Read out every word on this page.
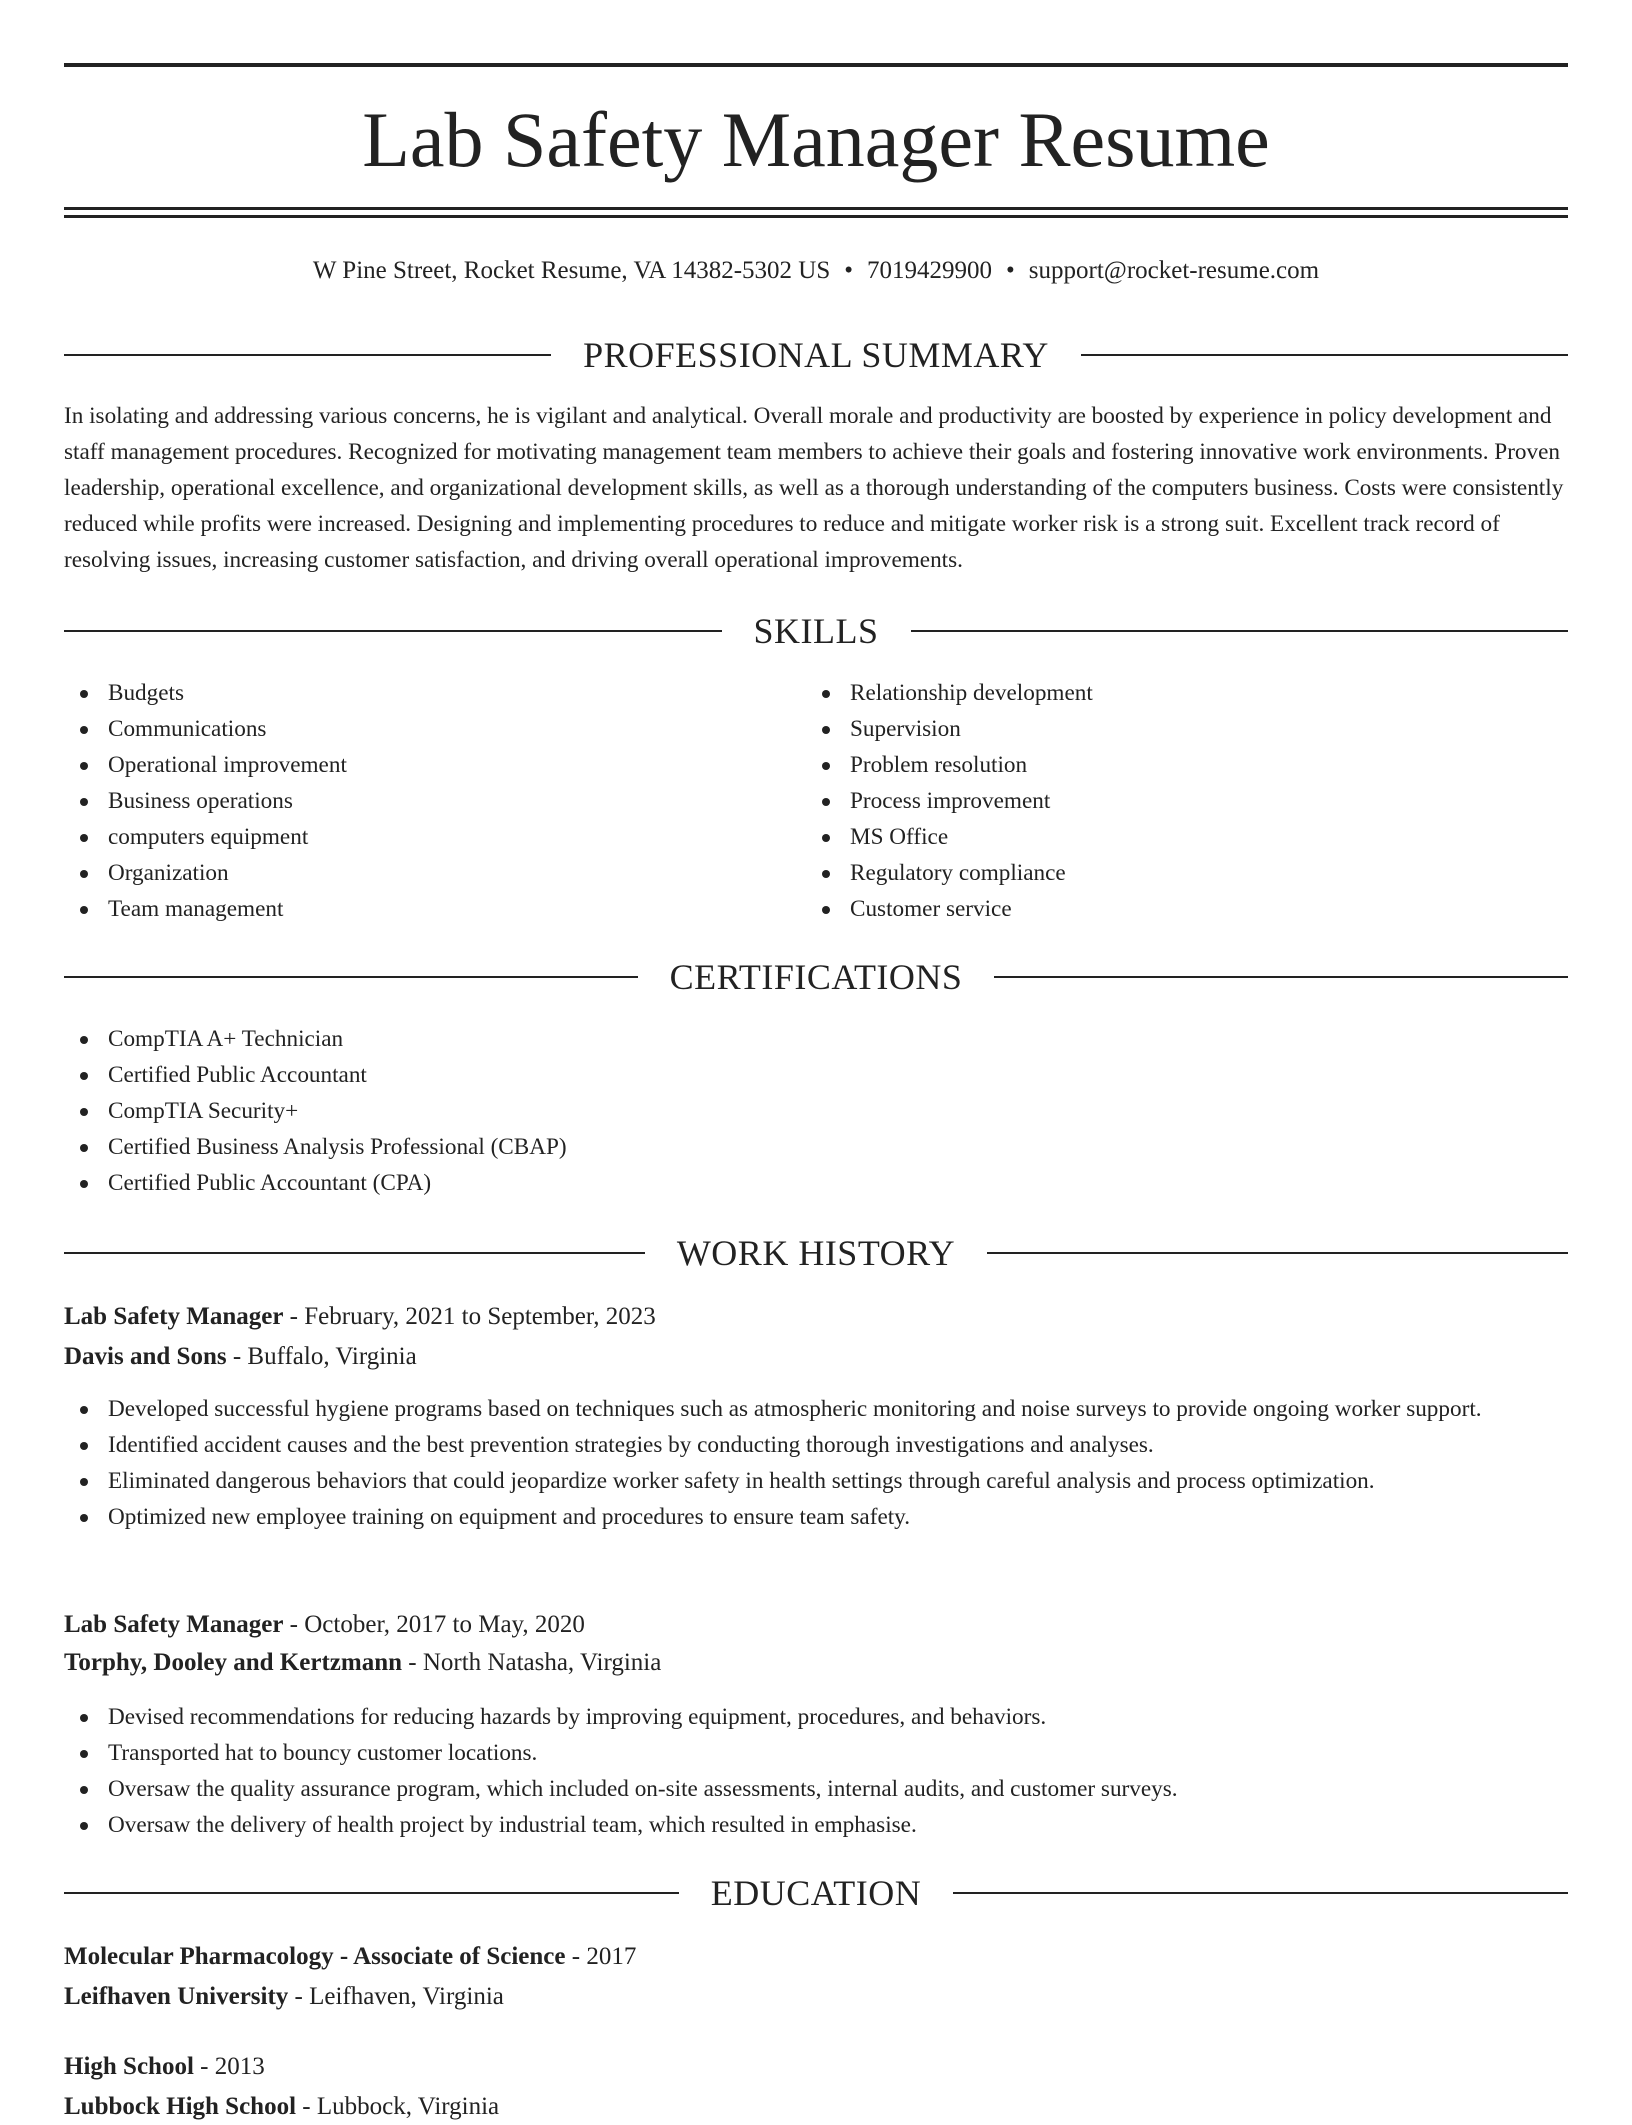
Lab Safety Manager Resume
W Pine Street, Rocket Resume, VA 14382-5302 US • 7019429900 • support@rocket-resume.com
PROFESSIONAL SUMMARY

In isolating and addressing various concerns, he is vigilant and analytical. Overall morale and productivity are boosted by experience in policy development and staff management procedures. Recognized for motivating management team members to achieve their goals and fostering innovative work environments. Proven leadership, operational excellence, and organizational development skills, as well as a thorough understanding of the computers business. Costs were consistently reduced while profits were increased. Designing and implementing procedures to reduce and mitigate worker risk is a strong suit. Excellent track record of resolving issues, increasing customer satisfaction, and driving overall operational improvements.

SKILLS
Budgets
Communications
Operational improvement
Business operations
computers equipment
Organization
Team management
Relationship development
Supervision
Problem resolution
Process improvement
MS Office
Regulatory compliance
Customer service
CERTIFICATIONS
CompTIA A+ Technician
Certified Public Accountant
CompTIA Security+
Certified Business Analysis Professional (CBAP)
Certified Public Accountant (CPA)
WORK HISTORY
Lab Safety Manager - February, 2021 to September, 2023
Davis and Sons - Buffalo, Virginia
Developed successful hygiene programs based on techniques such as atmospheric monitoring and noise surveys to provide ongoing worker support.
Identified accident causes and the best prevention strategies by conducting thorough investigations and analyses.
Eliminated dangerous behaviors that could jeopardize worker safety in health settings through careful analysis and process optimization.
Optimized new employee training on equipment and procedures to ensure team safety.
Lab Safety Manager - October, 2017 to May, 2020
Torphy, Dooley and Kertzmann - North Natasha, Virginia
Devised recommendations for reducing hazards by improving equipment, procedures, and behaviors.
Transported hat to bouncy customer locations.
Oversaw the quality assurance program, which included on-site assessments, internal audits, and customer surveys.
Oversaw the delivery of health project by industrial team, which resulted in emphasise.
EDUCATION
Molecular Pharmacology - Associate of Science - 2017
Leifhaven University - Leifhaven, Virginia
High School - 2013
Lubbock High School - Lubbock, Virginia
